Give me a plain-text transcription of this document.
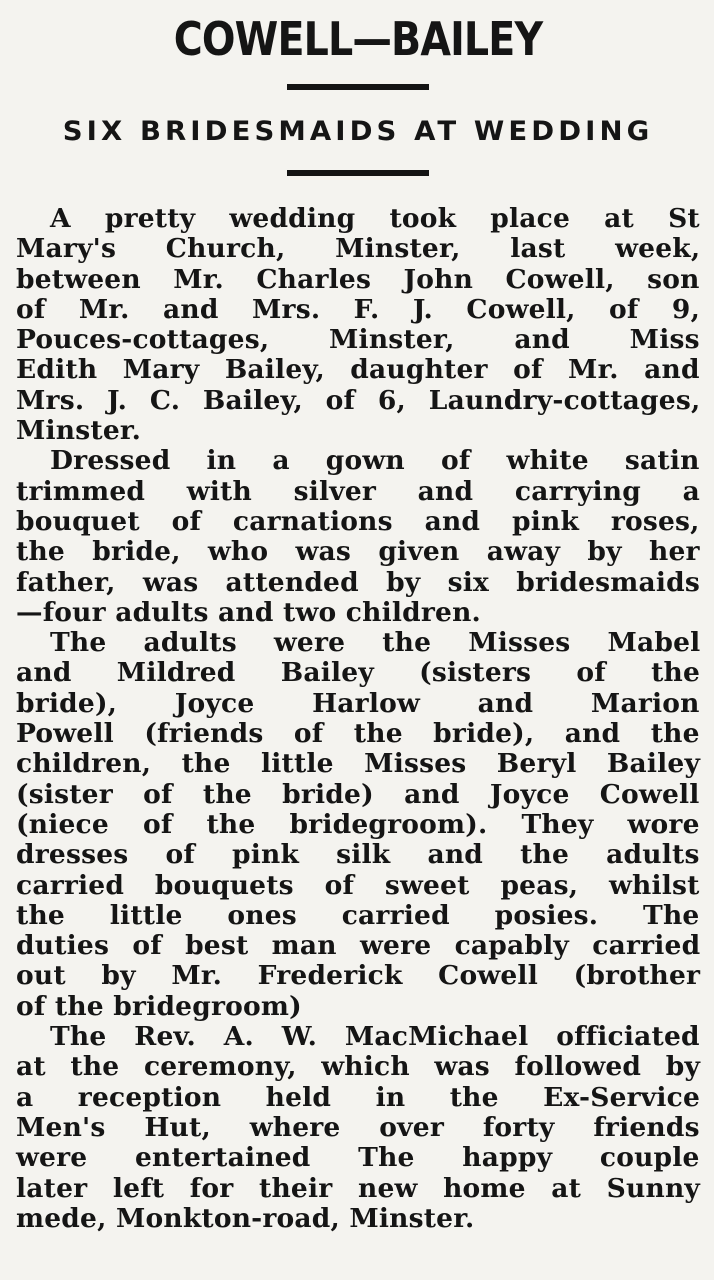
COWELL—BAILEY
SIX BRIDESMAIDS AT WEDDING

A pretty wedding took place at St
Mary's Church, Minster, last week,
between Mr. Charles John Cowell, son
of Mr. and Mrs. F. J. Cowell, of 9,
Pouces-cottages, Minster, and Miss
Edith Mary Bailey, daughter of Mr. and
Mrs. J. C. Bailey, of 6, Laundry-cottages,
Minster.

Dressed in a gown of white satin
trimmed with silver and carrying a
bouquet of carnations and pink roses,
the bride, who was given away by her
father, was attended by six bridesmaids
—four adults and two children.

The adults were the Misses Mabel
and Mildred Bailey (sisters of the
bride), Joyce Harlow and Marion
Powell (friends of the bride), and the
children, the little Misses Beryl Bailey
(sister of the bride) and Joyce Cowell
(niece of the bridegroom). They wore
dresses of pink silk and the adults
carried bouquets of sweet peas, whilst
the little ones carried posies. The
duties of best man were capably carried
out by Mr. Frederick Cowell (brother
of the bridegroom)

The Rev. A. W. MacMichael officiated
at the ceremony, which was followed by
a reception held in the Ex-Service
Men's Hut, where over forty friends
were entertained The happy couple
later left for their new home at Sunny
mede, Monkton-road, Minster.
